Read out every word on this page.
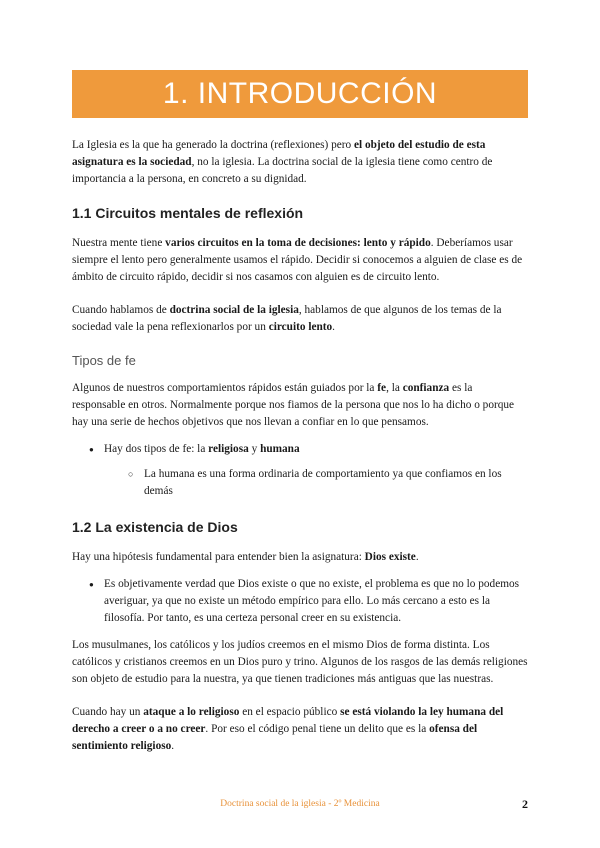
1. INTRODUCCIÓN

La Iglesia es la que ha generado la doctrina (reflexiones) pero el objeto del estudio de esta asignatura es la sociedad, no la iglesia. La doctrina social de la iglesia tiene como centro de importancia a la persona, en concreto a su dignidad.

1.1 Circuitos mentales de reflexión

Nuestra mente tiene varios circuitos en la toma de decisiones: lento y rápido. Deberíamos usar siempre el lento pero generalmente usamos el rápido. Decidir si conocemos a alguien de clase es de ámbito de circuito rápido, decidir si nos casamos con alguien es de circuito lento.

Cuando hablamos de doctrina social de la iglesia, hablamos de que algunos de los temas de la sociedad vale la pena reflexionarlos por un circuito lento.

Tipos de fe

Algunos de nuestros comportamientos rápidos están guiados por la fe, la confianza es la responsable en otros. Normalmente porque nos fiamos de la persona que nos lo ha dicho o porque hay una serie de hechos objetivos que nos llevan a confiar en lo que pensamos.

● Hay dos tipos de fe: la religiosa y humana
○ La humana es una forma ordinaria de comportamiento ya que confiamos en los demás
1.2 La existencia de Dios

Hay una hipótesis fundamental para entender bien la asignatura: Dios existe.

● Es objetivamente verdad que Dios existe o que no existe, el problema es que no lo podemos averiguar, ya que no existe un método empírico para ello. Lo más cercano a esto es la filosofía. Por tanto, es una certeza personal creer en su existencia.

Los musulmanes, los católicos y los judíos creemos en el mismo Dios de forma distinta. Los católicos y cristianos creemos en un Dios puro y trino. Algunos de los rasgos de las demás religiones son objeto de estudio para la nuestra, ya que tienen tradiciones más antiguas que las nuestras.

Cuando hay un ataque a lo religioso en el espacio público se está violando la ley humana del derecho a creer o a no creer. Por eso el código penal tiene un delito que es la ofensa del sentimiento religioso.

Doctrina social de la iglesia - 2º Medicina	2
